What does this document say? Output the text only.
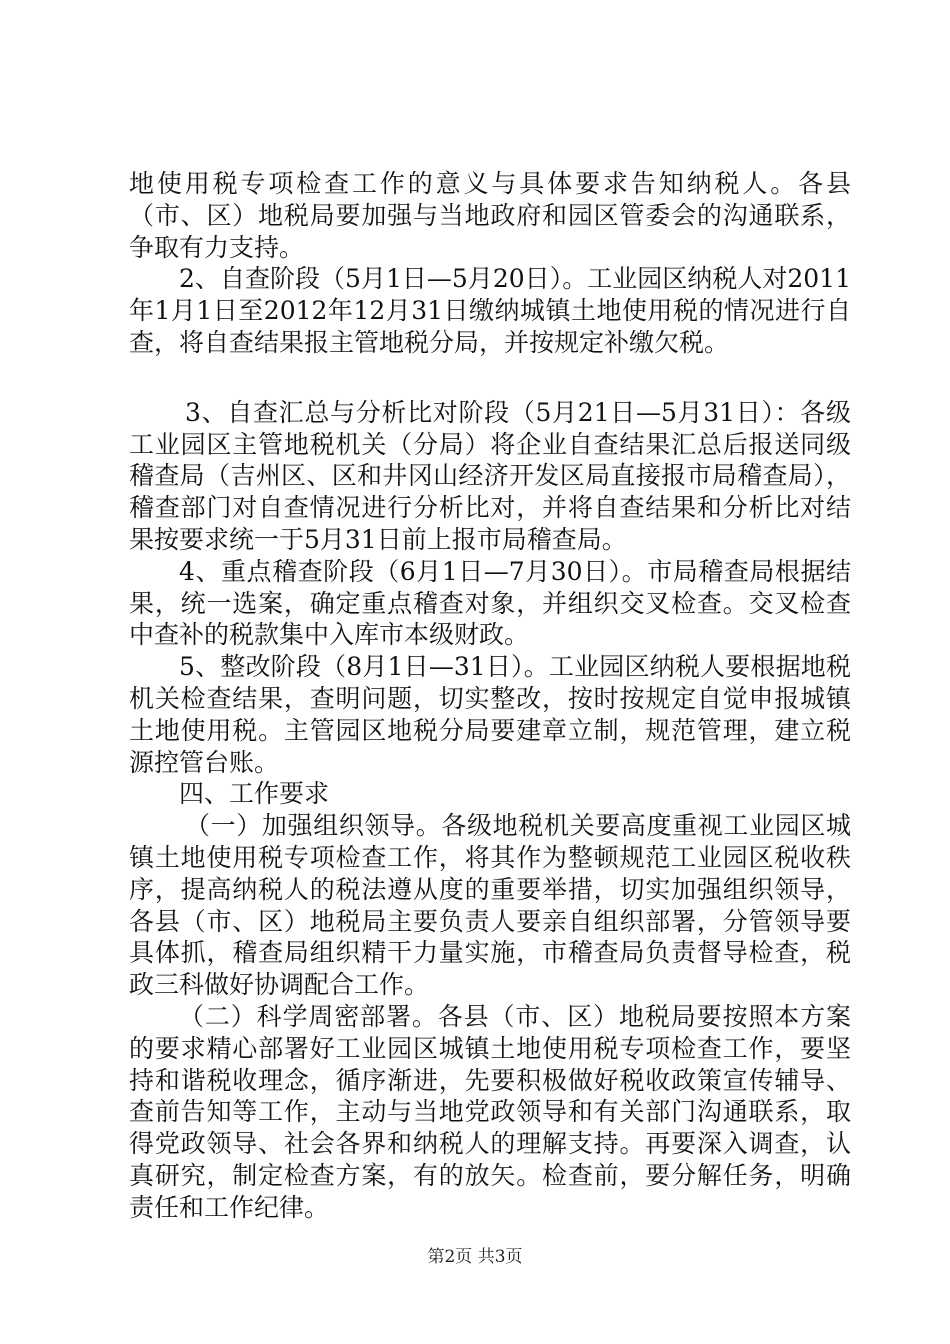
地使用税专项检查工作的意义与具体要求告知纳税人。各县（市、区）地税局要加强与当地政府和园区管委会的沟通联系，争取有力支持。

2、自查阶段（5月1日—5月20日）。工业园区纳税人对2011年1月1日至2012年12月31日缴纳城镇土地使用税的情况进行自查，将自查结果报主管地税分局，并按规定补缴欠税。

3、自查汇总与分析比对阶段（5月21日—5月31日）：各级工业园区主管地税机关（分局）将企业自查结果汇总后报送同级稽查局（吉州区、区和井冈山经济开发区局直接报市局稽查局），稽查部门对自查情况进行分析比对，并将自查结果和分析比对结果按要求统一于5月31日前上报市局稽查局。

4、重点稽查阶段（6月1日—7月30日）。市局稽查局根据结果，统一选案，确定重点稽查对象，并组织交叉检查。交叉检查中查补的税款集中入库市本级财政。

5、整改阶段（8月1日—31日）。工业园区纳税人要根据地税机关检查结果，查明问题，切实整改，按时按规定自觉申报城镇土地使用税。主管园区地税分局要建章立制，规范管理，建立税源控管台账。

四、工作要求

（一）加强组织领导。各级地税机关要高度重视工业园区城镇土地使用税专项检查工作，将其作为整顿规范工业园区税收秩序，提高纳税人的税法遵从度的重要举措，切实加强组织领导，各县（市、区）地税局主要负责人要亲自组织部署，分管领导要具体抓，稽查局组织精干力量实施，市稽查局负责督导检查，税政三科做好协调配合工作。

（二）科学周密部署。各县（市、区）地税局要按照本方案的要求精心部署好工业园区城镇土地使用税专项检查工作，要坚持和谐税收理念，循序渐进，先要积极做好税收政策宣传辅导、查前告知等工作，主动与当地党政领导和有关部门沟通联系，取得党政领导、社会各界和纳税人的理解支持。再要深入调查，认真研究，制定检查方案，有的放矢。检查前，要分解任务，明确责任和工作纪律。

第2页 共3页
